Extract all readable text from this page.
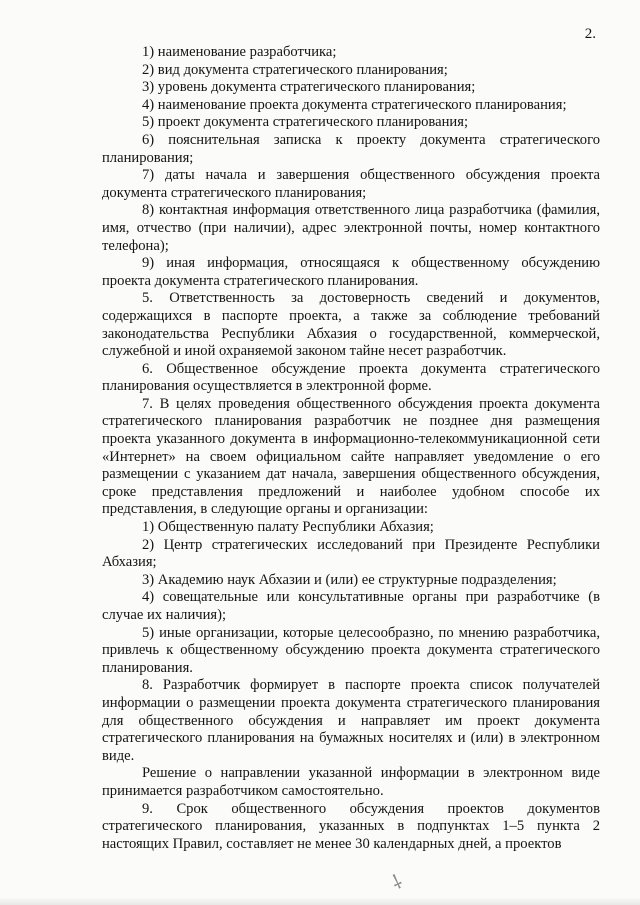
2.

1) наименование разработчика;

2) вид документа стратегического планирования;

3) уровень документа стратегического планирования;

4) наименование проекта документа стратегического планирования;

5) проект документа стратегического планирования;

6) пояснительная записка к проекту документа стратегического планирования;

7) даты начала и завершения общественного обсуждения проекта документа стратегического планирования;

8) контактная информация ответственного лица разработчика (фамилия, имя, отчество (при наличии), адрес электронной почты, номер контактного телефона);

9) иная информация, относящаяся к общественному обсуждению проекта документа стратегического планирования.

5. Ответственность за достоверность сведений и документов, содержащихся в паспорте проекта, а также за соблюдение требований законодательства Республики Абхазия о государственной, коммерческой, служебной и иной охраняемой законом тайне несет разработчик.

6. Общественное обсуждение проекта документа стратегического планирования осуществляется в электронной форме.

7. В целях проведения общественного обсуждения проекта документа стратегического планирования разработчик не позднее дня размещения проекта указанного документа в информационно-телекоммуникационной сети «Интернет» на своем официальном сайте направляет уведомление о его размещении с указанием дат начала, завершения общественного обсуждения, сроке представления предложений и наиболее удобном способе их представления, в следующие органы и организации:

1) Общественную палату Республики Абхазия;

2) Центр стратегических исследований при Президенте Республики Абхазия;

3) Академию наук Абхазии и (или) ее структурные подразделения;

4) совещательные или консультативные органы при разработчике (в случае их наличия);

5) иные организации, которые целесообразно, по мнению разработчика, привлечь к общественному обсуждению проекта документа стратегического планирования.

8. Разработчик формирует в паспорте проекта список получателей информации о размещении проекта документа стратегического планирования для общественного обсуждения и направляет им проект документа стратегического планирования на бумажных носителях и (или) в электронном виде.

Решение о направлении указанной информации в электронном виде принимается разработчиком самостоятельно.

9. Срок общественного обсуждения проектов документов стратегического планирования, указанных в подпунктах 1–5 пункта 2 настоящих Правил, составляет не менее 30 календарных дней, а проектов

⸸
